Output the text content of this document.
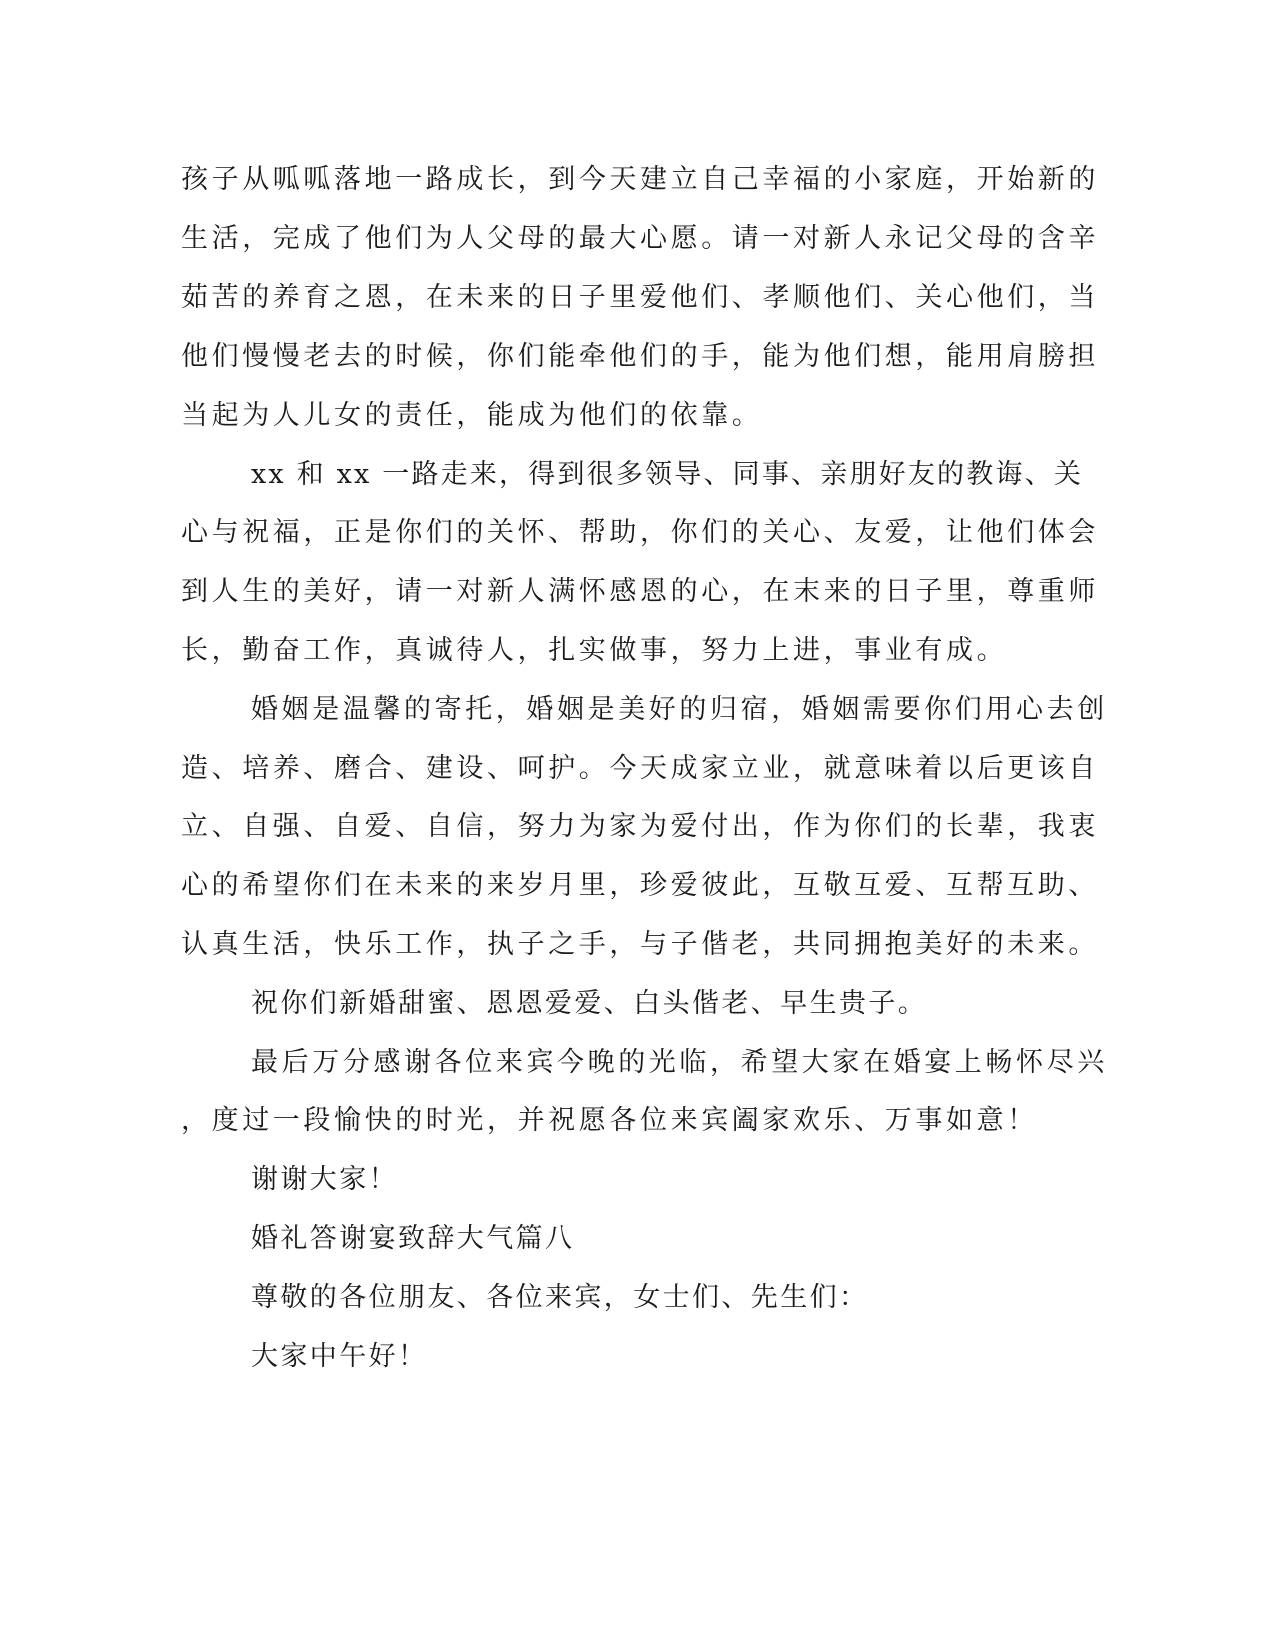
孩子从呱呱落地一路成长，到今天建立自己幸福的小家庭，开始新的
生活，完成了他们为人父母的最大心愿。请一对新人永记父母的含辛
茹苦的养育之恩，在未来的日子里爱他们、孝顺他们、关心他们，当
他们慢慢老去的时候，你们能牵他们的手，能为他们想，能用肩膀担
当起为人儿女的责任，能成为他们的依靠。
xx 和 xx 一路走来，得到很多领导、同事、亲朋好友的教诲、关
心与祝福，正是你们的关怀、帮助，你们的关心、友爱，让他们体会
到人生的美好，请一对新人满怀感恩的心，在末来的日子里，尊重师
长，勤奋工作，真诚待人，扎实做事，努力上进，事业有成。
婚姻是温馨的寄托，婚姻是美好的归宿，婚姻需要你们用心去创
造、培养、磨合、建设、呵护。今天成家立业，就意味着以后更该自
立、自强、自爱、自信，努力为家为爱付出，作为你们的长辈，我衷
心的希望你们在未来的来岁月里，珍爱彼此，互敬互爱、互帮互助、
认真生活，快乐工作，执子之手，与子偕老，共同拥抱美好的未来。
祝你们新婚甜蜜、恩恩爱爱、白头偕老、早生贵子。
最后万分感谢各位来宾今晚的光临，希望大家在婚宴上畅怀尽兴
，度过一段愉快的时光，并祝愿各位来宾阖家欢乐、万事如意！
谢谢大家！
婚礼答谢宴致辞大气篇八
尊敬的各位朋友、各位来宾，女士们、先生们：
大家中午好！
